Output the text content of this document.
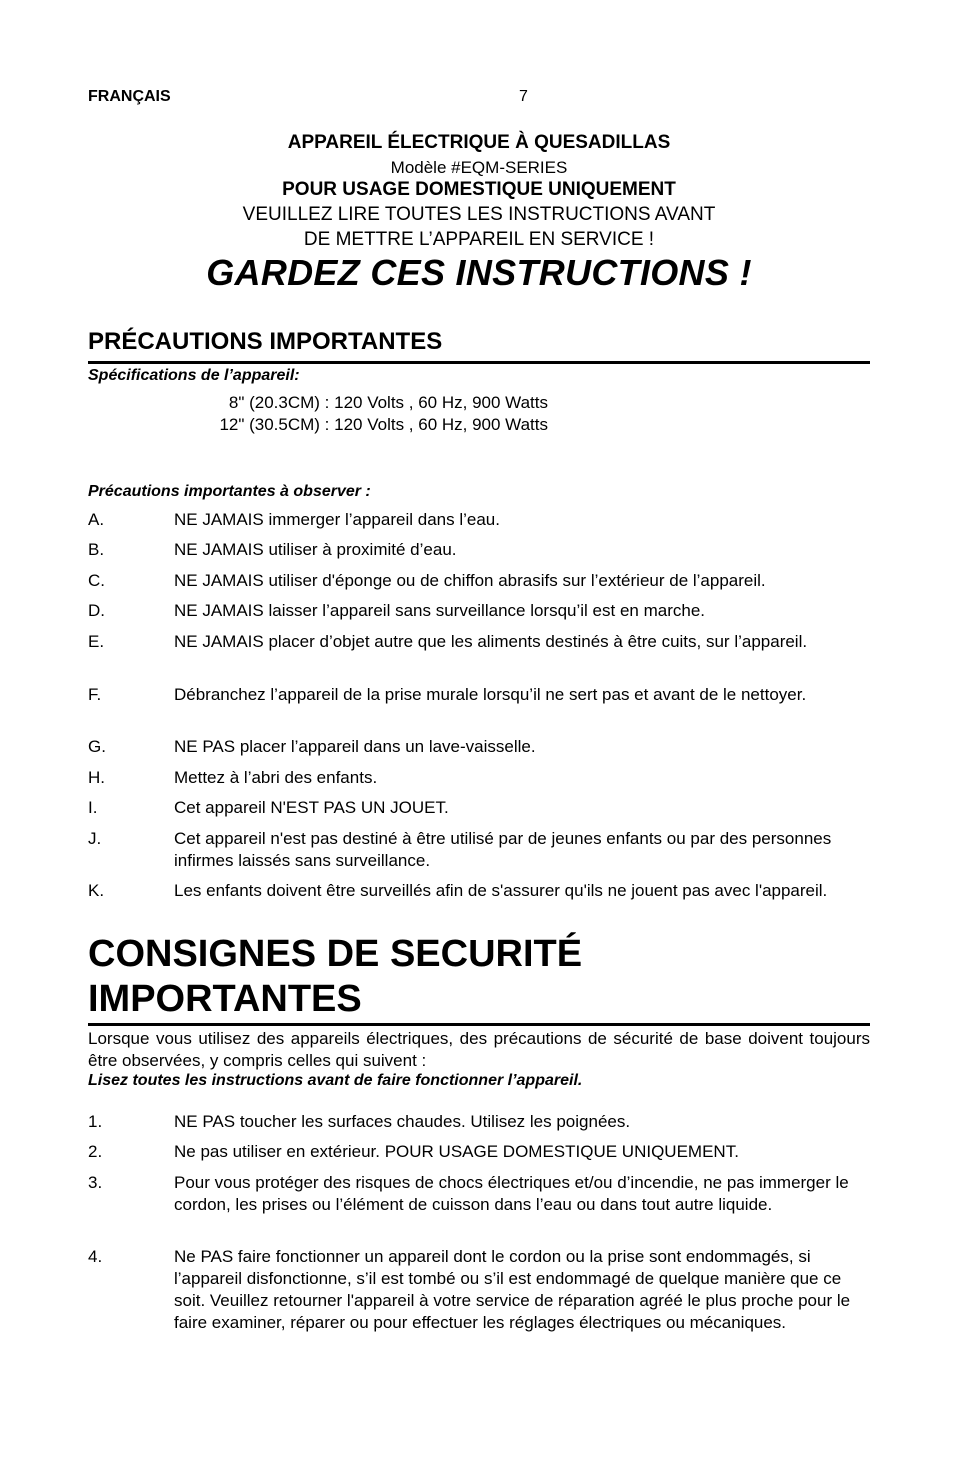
FRANÇAIS	7
APPAREIL ÉLECTRIQUE À QUESADILLAS
Modèle #EQM-SERIES
POUR USAGE DOMESTIQUE UNIQUEMENT
VEUILLEZ LIRE TOUTES LES INSTRUCTIONS AVANT
DE METTRE L’APPAREIL EN SERVICE !
GARDEZ CES INSTRUCTIONS !
PRÉCAUTIONS IMPORTANTES
Spécifications de l’appareil:
8" (20.3CM) : 120 Volts , 60 Hz, 900 Watts
12" (30.5CM) : 120 Volts , 60 Hz, 900 Watts
Précautions importantes à observer :
A.	NE JAMAIS immerger l’appareil dans l’eau.
B.	NE JAMAIS utiliser à proximité d’eau.
C.	NE JAMAIS utiliser d'éponge ou de chiffon abrasifs sur l’extérieur de l’appareil.
D.	NE JAMAIS laisser l’appareil sans surveillance lorsqu’il est en marche.
E.	NE JAMAIS placer d’objet autre que les aliments destinés à être cuits, sur l’appareil.
F.	Débranchez l’appareil de la prise murale lorsqu’il ne sert pas et avant de le nettoyer.
G.	NE PAS placer l’appareil dans un lave-vaisselle.
H.	Mettez à l’abri des enfants.
I.	Cet appareil N'EST PAS UN JOUET.
J.	Cet appareil n'est pas destiné à être utilisé par de jeunes enfants ou par des personnes infirmes laissés sans surveillance.
K.	Les enfants doivent être surveillés afin de s'assurer qu'ils ne jouent pas avec l'appareil.
CONSIGNES DE SECURITÉ
IMPORTANTES
Lorsque vous utilisez des appareils électriques, des précautions de sécurité de base doivent toujours être observées, y compris celles qui suivent :
Lisez toutes les instructions avant de faire fonctionner l’appareil.
1.	NE PAS toucher les surfaces chaudes. Utilisez les poignées.
2.	Ne pas utiliser en extérieur. POUR USAGE DOMESTIQUE UNIQUEMENT.
3.	Pour vous protéger des risques de chocs électriques et/ou d’incendie, ne pas immerger le cordon, les prises ou l’élément de cuisson dans l’eau ou dans tout autre liquide.
4.	Ne PAS faire fonctionner un appareil dont le cordon ou la prise sont endommagés, si l’appareil disfonctionne, s’il est tombé ou s’il est endommagé de quelque manière que ce soit. Veuillez retourner l'appareil à votre service de réparation agréé le plus proche pour le faire examiner, réparer ou pour effectuer les réglages électriques ou mécaniques.
